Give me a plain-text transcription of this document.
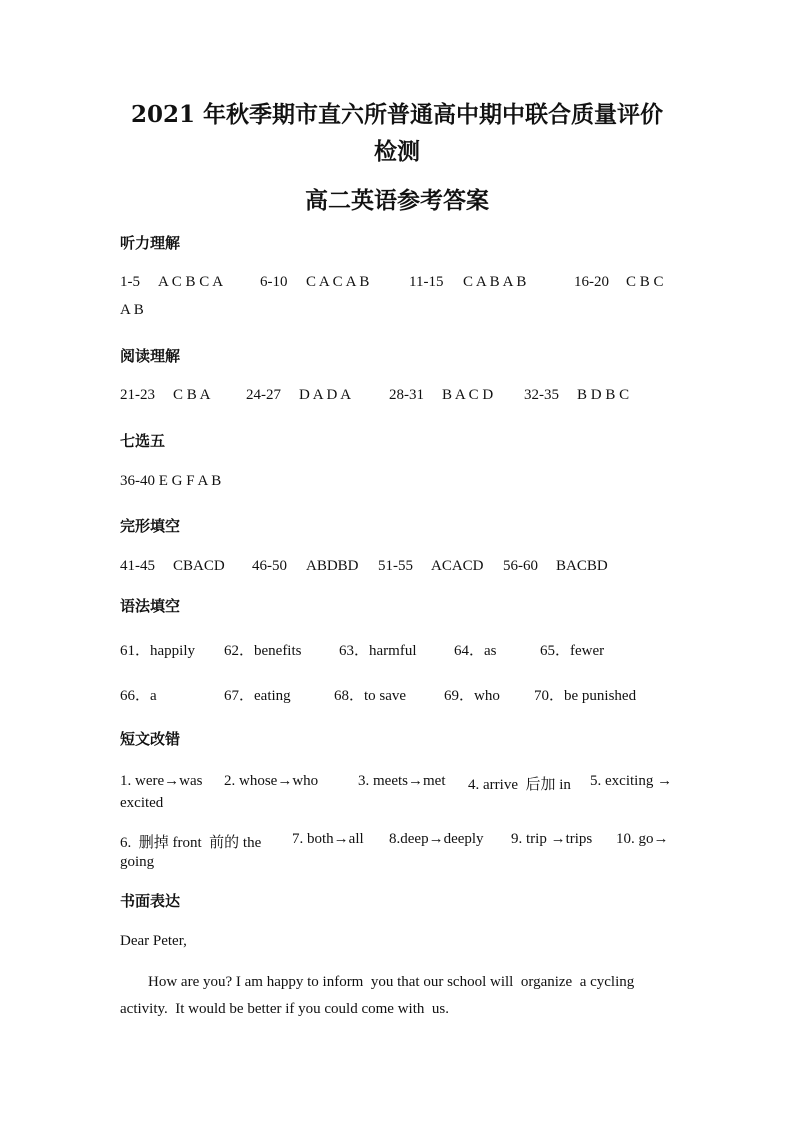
2021 年秋季期市直六所普通高中期中联合质量评价
检测
高二英语参考答案
听力理解
1-5 A C B C A 6-10 C A C A B	11-15 C A B A B	16-20 C B C
A B
阅读理解
21-23 C B A 24-27 D A D A	28-31 B A C D 32-35 B D B C
七选五
36-40 E G F A B
完形填空
41-45 CBACD 46-50 ABDBD 51-55 ACACD 56-60 BACBD
语法填空
61．happily 62．benefits	63．harmful	64．as	65．fewer
66．a	67．eating	68．to save	69．who 70．be punished
短文改错
1. were→was 2. whose→who	3. meets→met 4. arrive  后加 in 5. exciting →
excited
6.  删掉 front  前的 the 7. both→all 8.deep→deeply 9. trip →trips 10. go→
going
书面表达
Dear Peter,
How are you? I am happy to inform  you that our school will  organize  a cycling
activity.  It would be better if you could come with  us.
